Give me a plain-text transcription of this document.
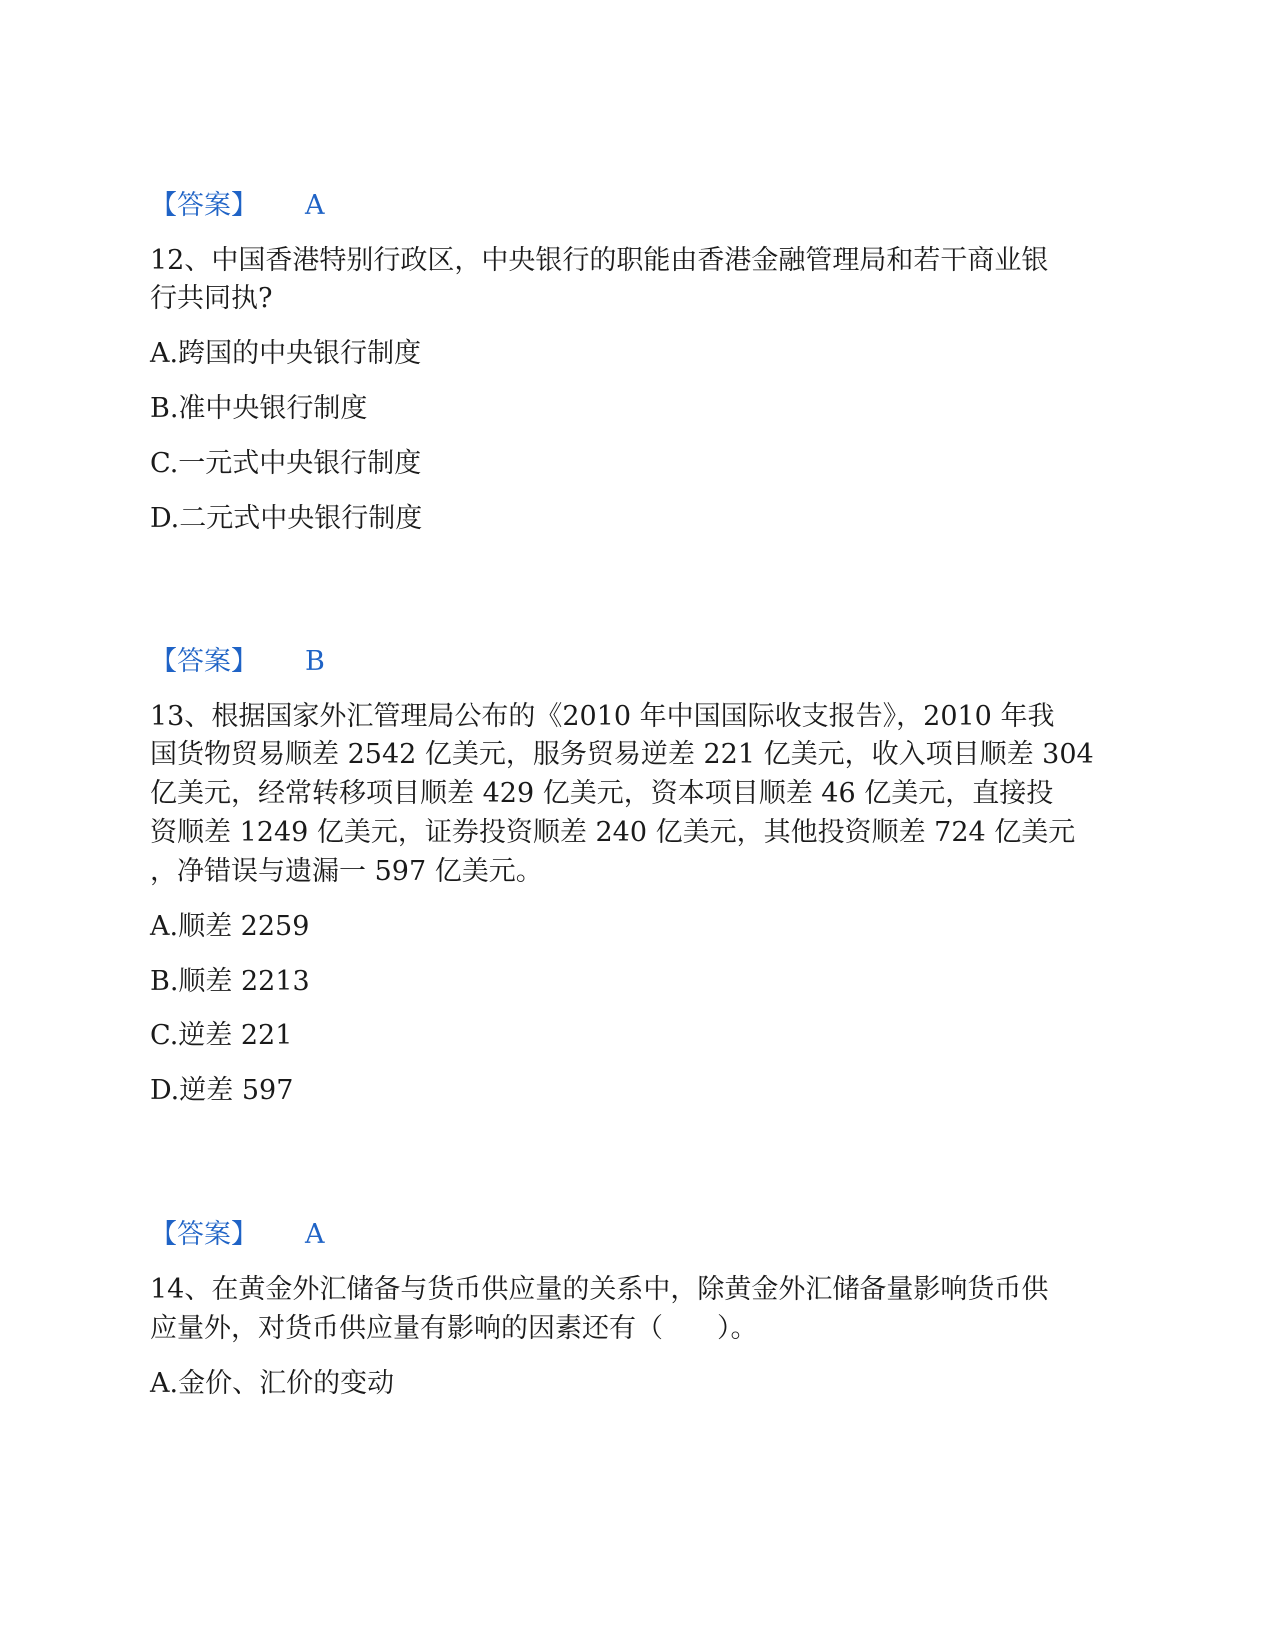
【答案】 A
12、中国香港特别行政区，中央银行的职能由香港金融管理局和若干商业银
行共同执?
A.跨国的中央银行制度
B.准中央银行制度
C.一元式中央银行制度
D.二元式中央银行制度
【答案】 B
13、根据国家外汇管理局公布的《2010 年中国国际收支报告》，2010 年我
国货物贸易顺差 2542 亿美元，服务贸易逆差 221 亿美元，收入项目顺差 304
亿美元，经常转移项目顺差 429 亿美元，资本项目顺差 46 亿美元，直接投
资顺差 1249 亿美元，证券投资顺差 240 亿美元，其他投资顺差 724 亿美元
，净错误与遗漏一 597 亿美元。
A.顺差 2259
B.顺差 2213
C.逆差 221
D.逆差 597
【答案】 A
14、在黄金外汇储备与货币供应量的关系中，除黄金外汇储备量影响货币供
应量外，对货币供应量有影响的因素还有（　　）。
A.金价、汇价的变动
